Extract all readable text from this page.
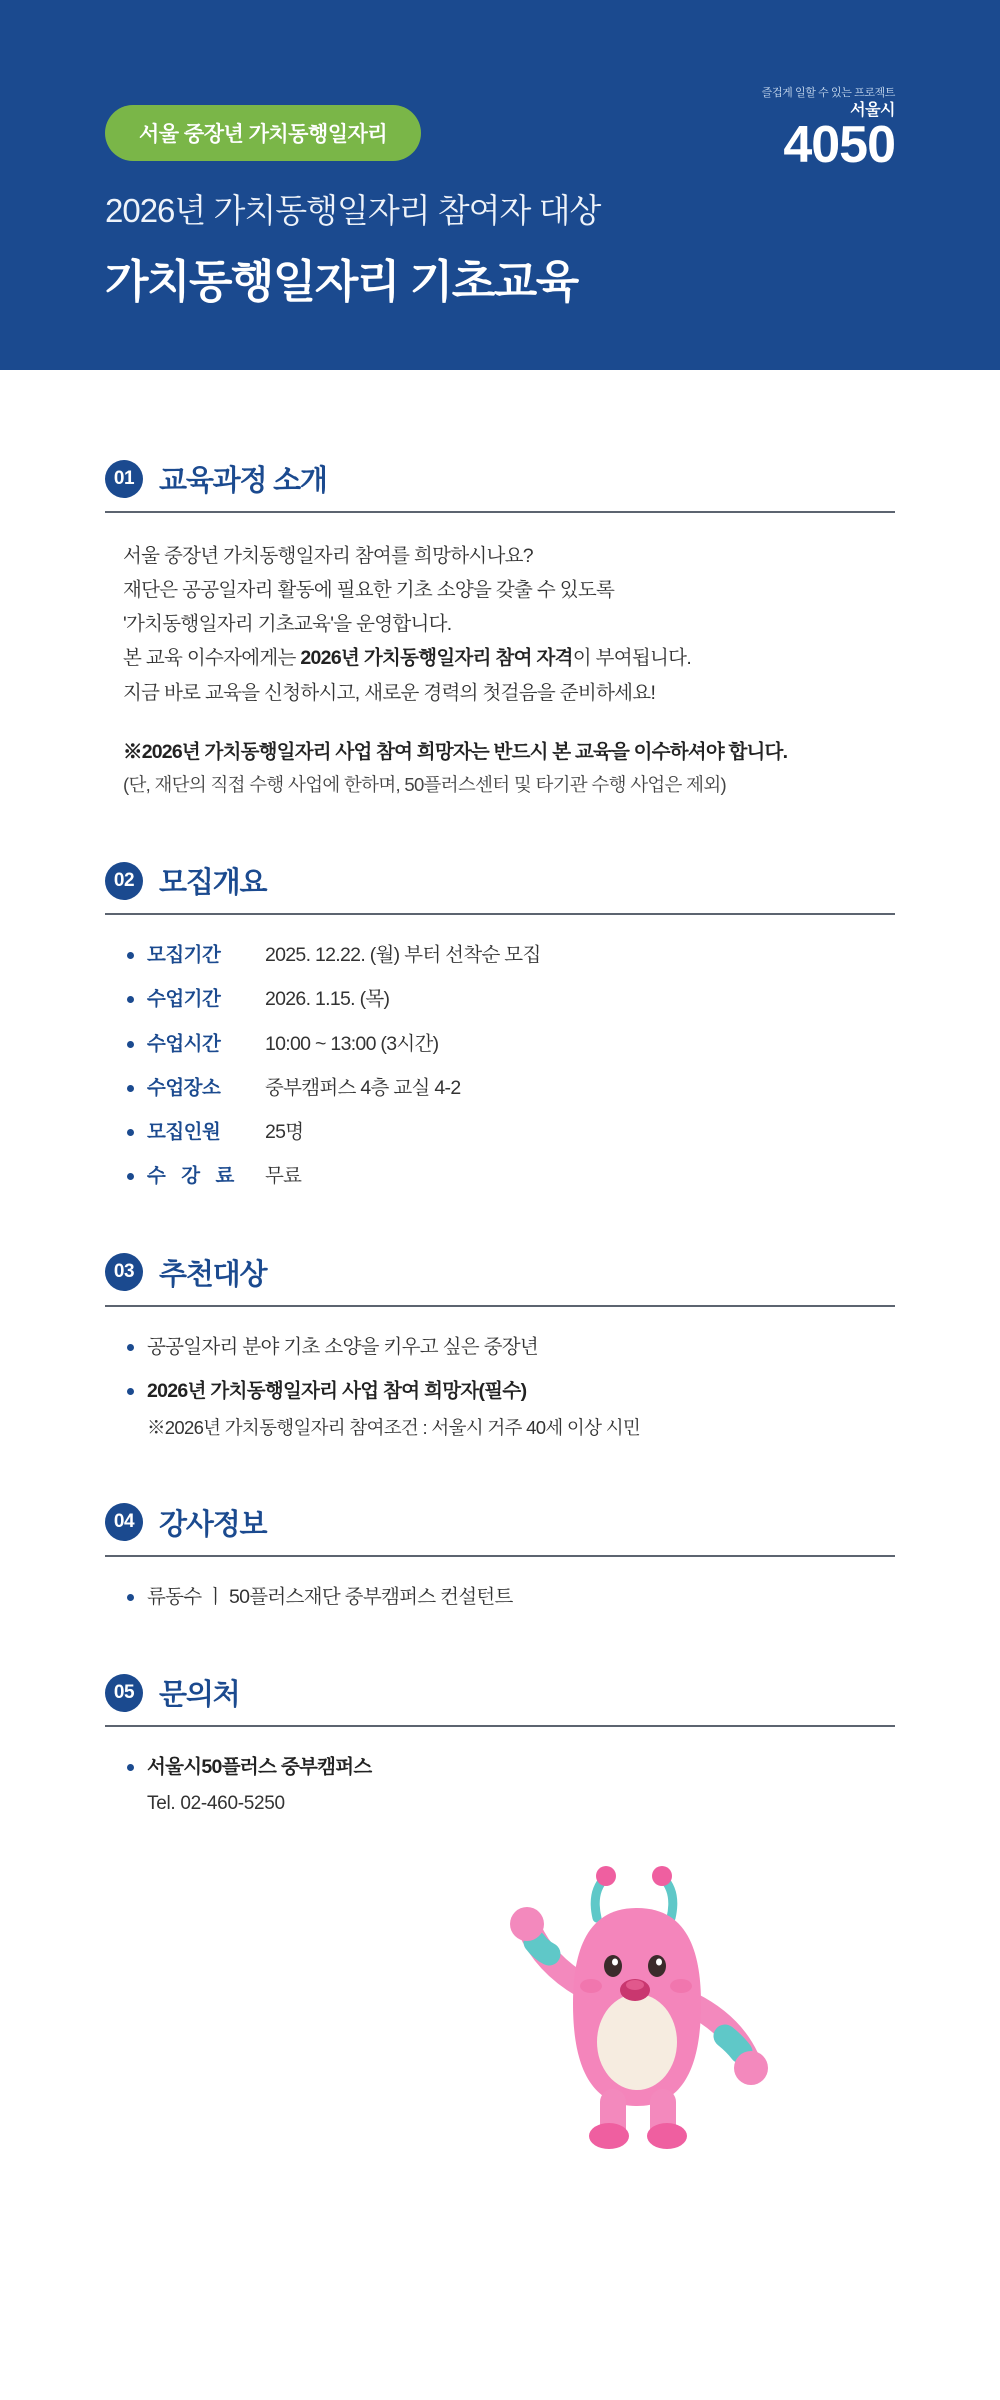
서울 중장년 가치동행일자리
즐겁게 일할 수 있는 프로젝트
서울시
4050
2026년 가치동행일자리 참여자 대상
가치동행일자리 기초교육
01 교육과정 소개
서울 중장년 가치동행일자리 참여를 희망하시나요?
재단은 공공일자리 활동에 필요한 기초 소양을 갖출 수 있도록
'가치동행일자리 기초교육'을 운영합니다.
본 교육 이수자에게는 2026년 가치동행일자리 참여 자격이 부여됩니다.
지금 바로 교육을 신청하시고, 새로운 경력의 첫걸음을 준비하세요!
※2026년 가치동행일자리 사업 참여 희망자는 반드시 본 교육을 이수하셔야 합니다.
(단, 재단의 직접 수행 사업에 한하며, 50플러스센터 및 타기관 수행 사업은 제외)
02 모집개요
모집기간	2025. 12.22. (월) 부터 선착순 모집
수업기간	2026. 1.15. (목)
수업시간	10:00 ~ 13:00 (3시간)
수업장소	중부캠퍼스 4층 교실 4-2
모집인원	25명
수 강 료	무료
03 추천대상
공공일자리 분야 기초 소양을 키우고 싶은 중장년
2026년 가치동행일자리 사업 참여 희망자(필수)
※2026년 가치동행일자리 참여조건 : 서울시 거주 40세 이상 시민
04 강사정보
류동수 ㅣ 50플러스재단 중부캠퍼스 컨설턴트
05 문의처
서울시50플러스 중부캠퍼스
Tel. 02-460-5250
